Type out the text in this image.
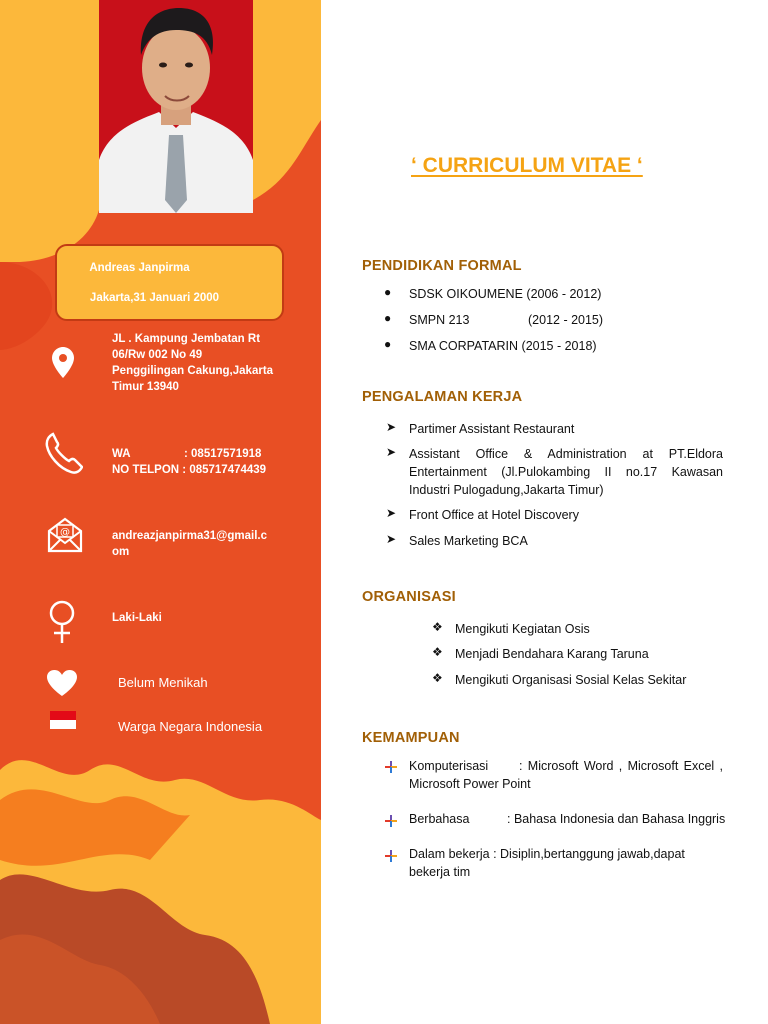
Andreas Janpirma
Jakarta,31 Januari 2000
JL . Kampung Jembatan Rt
06/Rw 002 No 49
Penggilingan Cakung,Jakarta
Timur 13940
WA	: 08517571918
NO TELPON : 085717474439
@	andreazjanpirma31@gmail.c
om
Laki-Laki
Belum Menikah
Warga Negara Indonesia
‘ CURRICULUM VITAE ‘
PENDIDIKAN FORMAL
● SDSK OIKOUMENE (2006 - 2012)
● SMPN 213	(2012 - 2015)
● SMA CORPATARIN (2015 - 2018)
PENGALAMAN KERJA
➤ Partimer Assistant Restaurant
➤ Assistant Office & Administration at PT.Eldora Entertainment (Jl.Pulokambing II no.17 Kawasan Industri Pulogadung,Jakarta Timur)
➤ Front Office at Hotel Discovery
➤ Sales Marketing BCA
ORGANISASI
❖ Mengikuti Kegiatan Osis
❖ Menjadi Bendahara Karang Taruna
❖ Mengikuti Organisasi Sosial Kelas Sekitar
KEMAMPUAN
Komputerisasi : Microsoft Word , Microsoft Excel , Microsoft Power Point
Berbahasa	: Bahasa Indonesia dan Bahasa Inggris
Dalam bekerja : Disiplin,bertanggung jawab,dapat bekerja tim
